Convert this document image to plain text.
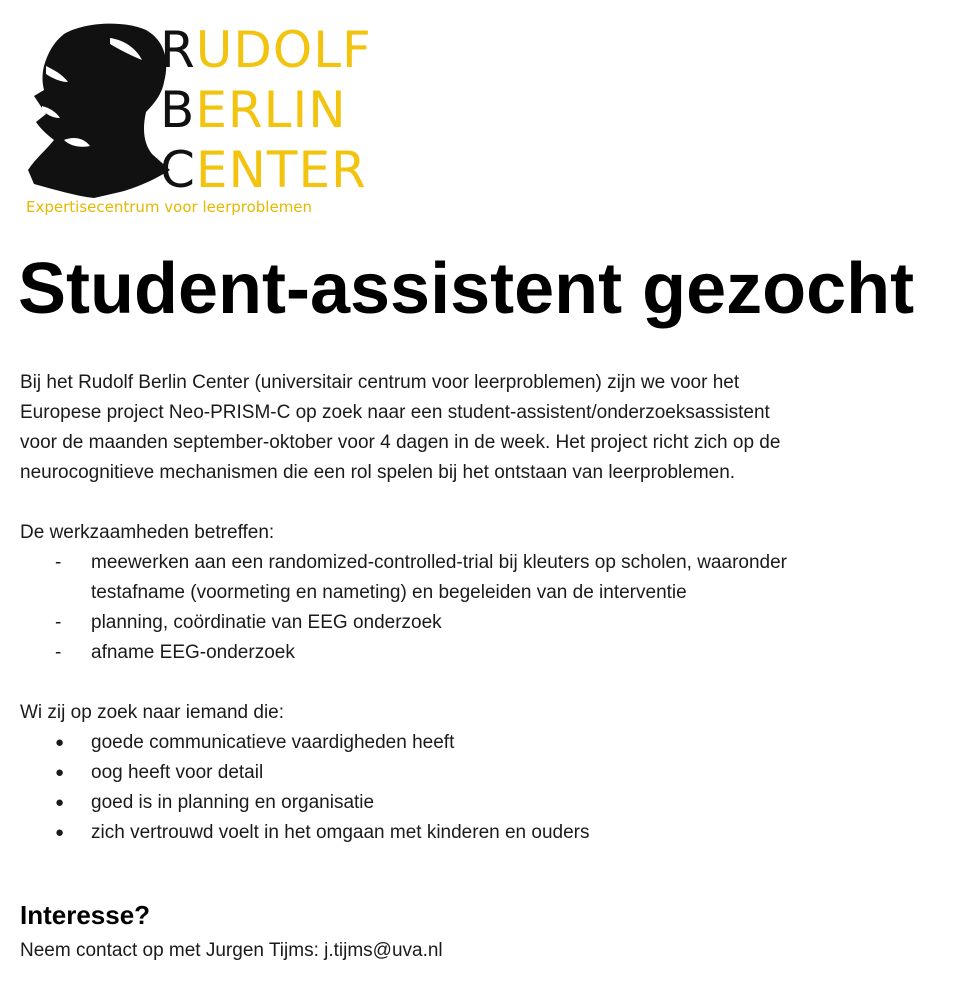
RUDOLF
BERLIN
CENTER
Expertisecentrum voor leerproblemen
Student-assistent gezocht

Bij het Rudolf Berlin Center (universitair centrum voor leerproblemen) zijn we voor het
Europese project Neo-PRISM-C op zoek naar een student-assistent/onderzoeksassistent
voor de maanden september-oktober voor 4 dagen in de week. Het project richt zich op de
neurocognitieve mechanismen die een rol spelen bij het ontstaan van leerproblemen.

De werkzaamheden betreffen:

-
meewerken aan een randomized-controlled-trial bij kleuters op scholen, waaronder
testafname (voormeting en nameting) en begeleiden van de interventie
-
planning, coördinatie van EEG onderzoek
-
afname EEG-onderzoek

Wi zij op zoek naar iemand die:

●
goede communicatieve vaardigheden heeft
●
oog heeft voor detail
●
goed is in planning en organisatie
●
zich vertrouwd voelt in het omgaan met kinderen en ouders
Interesse?
Neem contact op met Jurgen Tijms: j.tijms@uva.nl
